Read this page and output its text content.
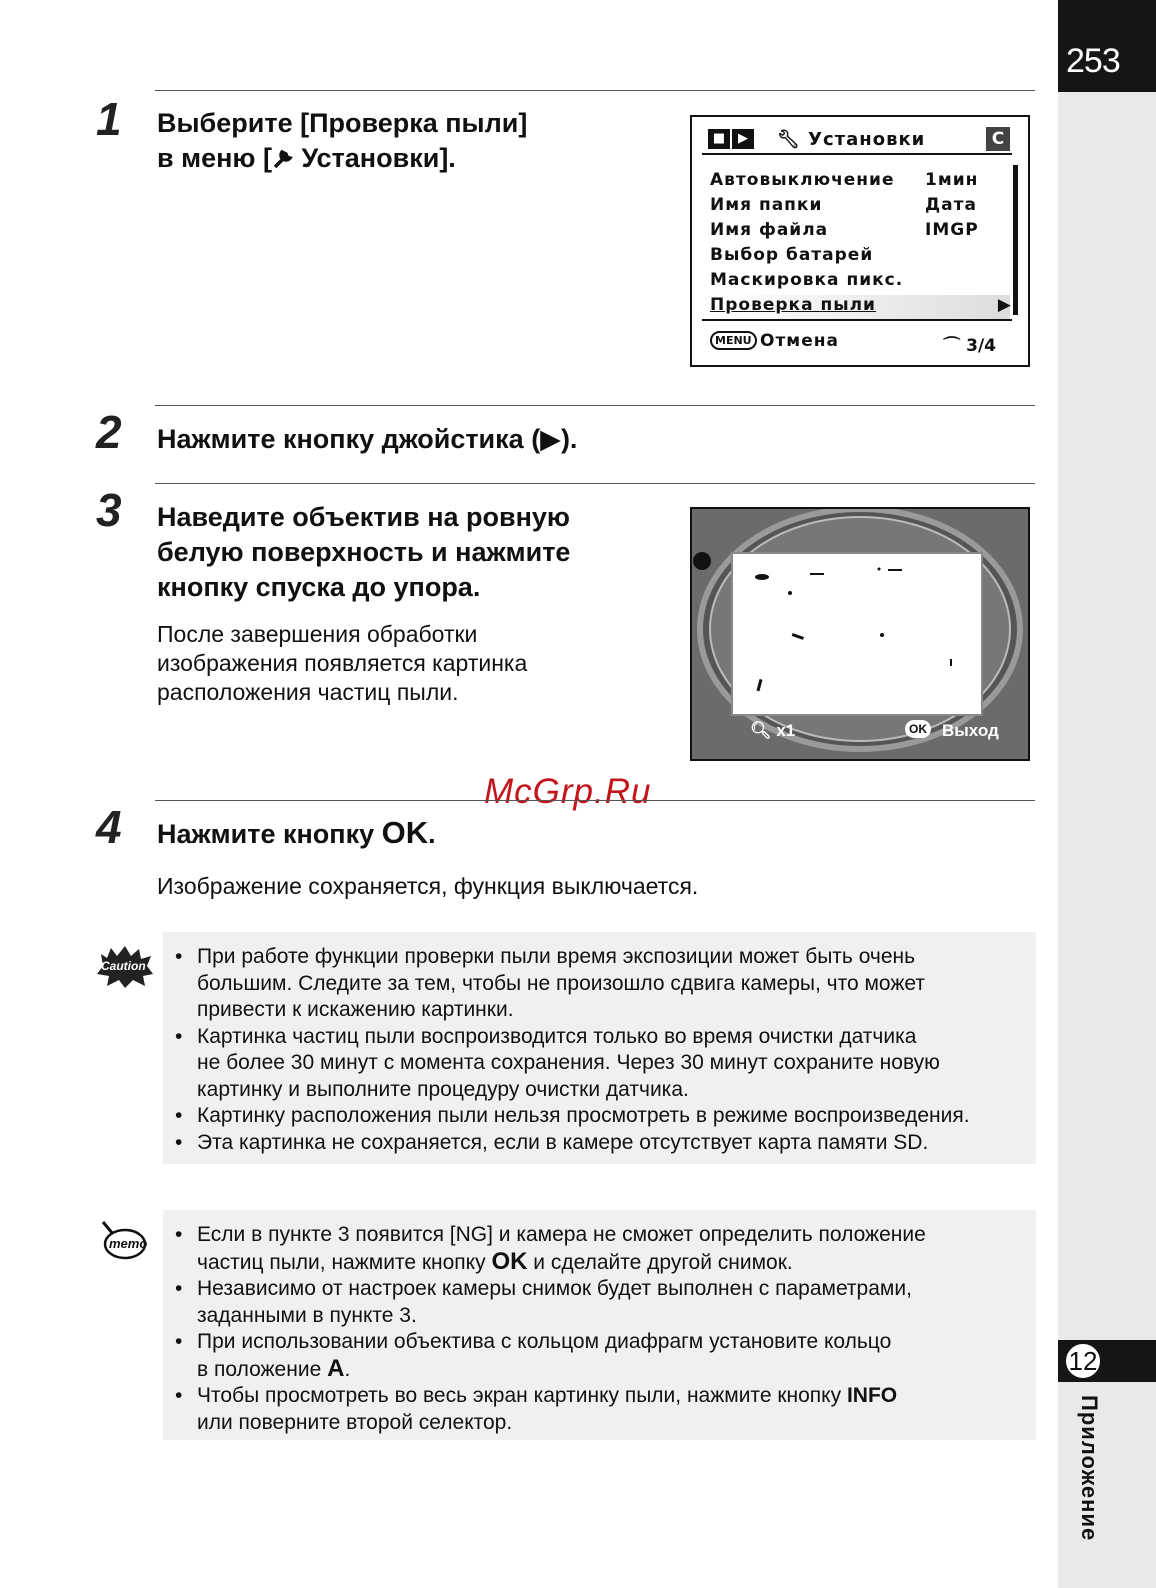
253
12
Приложение
1 Выберите [Проверка пыли]
в меню [ Установки].
■ ▶	🔧︎ Установки	C
Автовыключение 1мин
Имя папки	Дата
Имя файла	IMGP
Выбор батарей
Маскировка пикс.
Проверка пыли	▶
MENU Отмена	⌒ 3/4
2 Нажмите кнопку джойстика (▶).
3 Наведите объектив на ровную
белую поверхность и нажмите
кнопку спуска до упора.
После завершения обработки
изображения появляется картинка
расположения частиц пыли.
🔍︎ x1	OK Выход
McGrp.Ru
4 Нажмите кнопку OK.
Изображение сохраняется, функция выключается.
Caution • При работе функции проверки пыли время экспозиции может быть очень
большим. Следите за тем, чтобы не произошло сдвига камеры, что может
привести к искажению картинки.
• Картинка частиц пыли воспроизводится только во время очистки датчика
не более 30 минут с момента сохранения. Через 30 минут сохраните новую
картинку и выполните процедуру очистки датчика.
• Картинку расположения пыли нельзя просмотреть в режиме воспроизведения.
• Эта картинка не сохраняется, если в камере отсутствует карта памяти SD.
memo • Если в пункте 3 появится [NG] и камера не сможет определить положение
частиц пыли, нажмите кнопку OK и сделайте другой снимок.
• Независимо от настроек камеры снимок будет выполнен с параметрами,
заданными в пункте 3.
• При использовании объектива с кольцом диафрагм установите кольцо
в положение A.
• Чтобы просмотреть во весь экран картинку пыли, нажмите кнопку INFO
или поверните второй селектор.
